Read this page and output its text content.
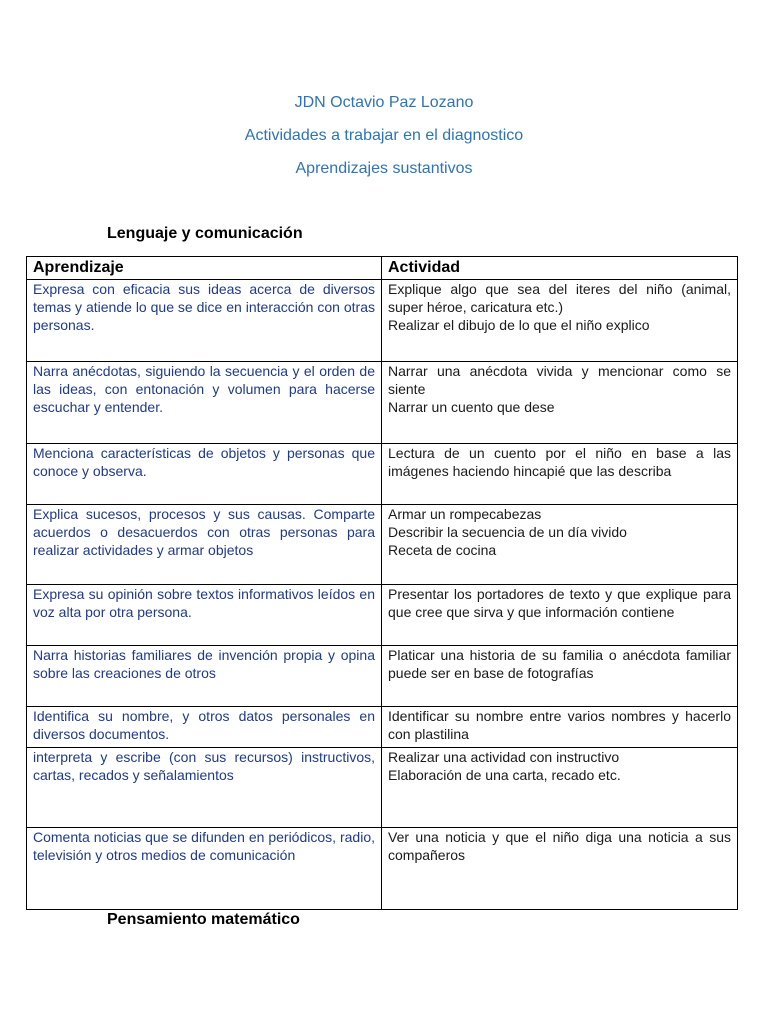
JDN Octavio Paz Lozano
Actividades a trabajar en el diagnostico
Aprendizajes sustantivos
Lenguaje y comunicación
Aprendizaje	Actividad
Expresa con eficacia sus ideas acerca de diversos temas y atiende lo que se dice en interacción con otras personas.	Explique algo que sea del iteres del niño (animal, super héroe, caricatura etc.)
Realizar el dibujo de lo que el niño explico

Narra anécdotas, siguiendo la secuencia y el orden de las ideas, con entonación y volumen para hacerse escuchar y entender.	Narrar una anécdota vivida y mencionar como se siente
Narrar un cuento que dese

Menciona características de objetos y personas que conoce y observa.	Lectura de un cuento por el niño en base a las imágenes haciendo hincapié que las describa

Explica sucesos, procesos y sus causas. Comparte acuerdos o desacuerdos con otras personas para realizar actividades y armar objetos	Armar un rompecabezas
Describir la secuencia de un día vivido
Receta de cocina

Expresa su opinión sobre textos informativos leídos en voz alta por otra persona.	Presentar los portadores de texto y que explique para que cree que sirva y que información contiene

Narra historias familiares de invención propia y opina sobre las creaciones de otros	Platicar una historia de su familia o anécdota familiar puede ser en base de fotografías

Identifica su nombre, y otros datos personales en diversos documentos.	Identificar su nombre entre varios nombres y hacerlo con plastilina

interpreta y escribe (con sus recursos) instructivos, cartas, recados y señalamientos	Realizar una actividad con instructivo
Elaboración de una carta, recado etc.

Comenta noticias que se difunden en periódicos, radio, televisión y otros medios de comunicación	Ver una noticia y que el niño diga una noticia a sus compañeros
Pensamiento matemático
